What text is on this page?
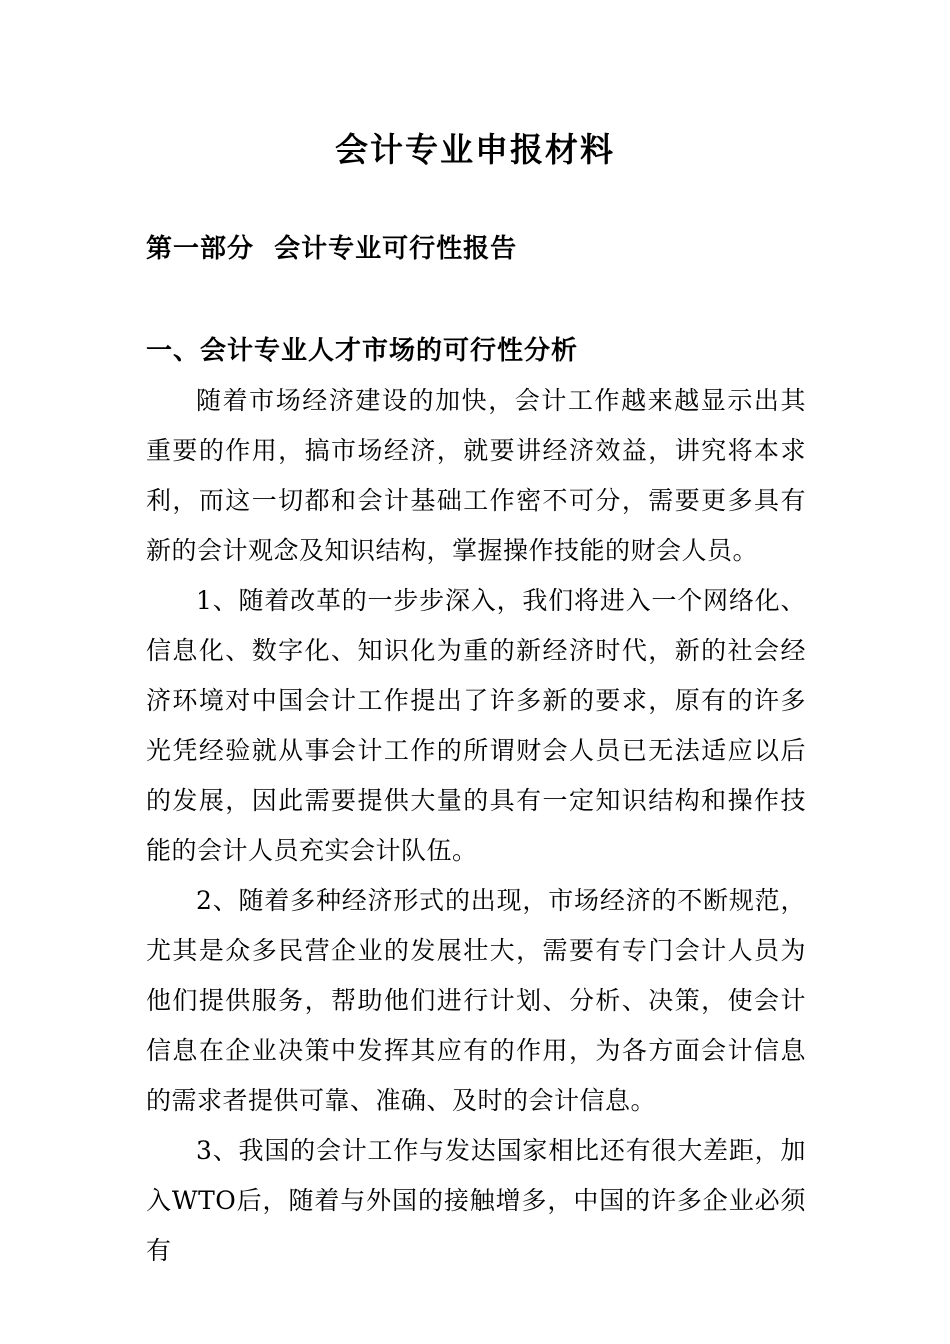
会计专业申报材料
第一部分  会计专业可行性报告
一、会计专业人才市场的可行性分析

随着市场经济建设的加快，会计工作越来越显示出其重要的作用，搞市场经济，就要讲经济效益，讲究将本求利，而这一切都和会计基础工作密不可分，需要更多具有新的会计观念及知识结构，掌握操作技能的财会人员。

1、随着改革的一步步深入，我们将进入一个网络化、信息化、数字化、知识化为重的新经济时代，新的社会经济环境对中国会计工作提出了许多新的要求，原有的许多光凭经验就从事会计工作的所谓财会人员已无法适应以后的发展，因此需要提供大量的具有一定知识结构和操作技能的会计人员充实会计队伍。

2、随着多种经济形式的出现，市场经济的不断规范，尤其是众多民营企业的发展壮大，需要有专门会计人员为他们提供服务，帮助他们进行计划、分析、决策，使会计信息在企业决策中发挥其应有的作用，为各方面会计信息的需求者提供可靠、准确、及时的会计信息。

3、我国的会计工作与发达国家相比还有很大差距，加入WTO后，随着与外国的接触增多，中国的许多企业必须有
